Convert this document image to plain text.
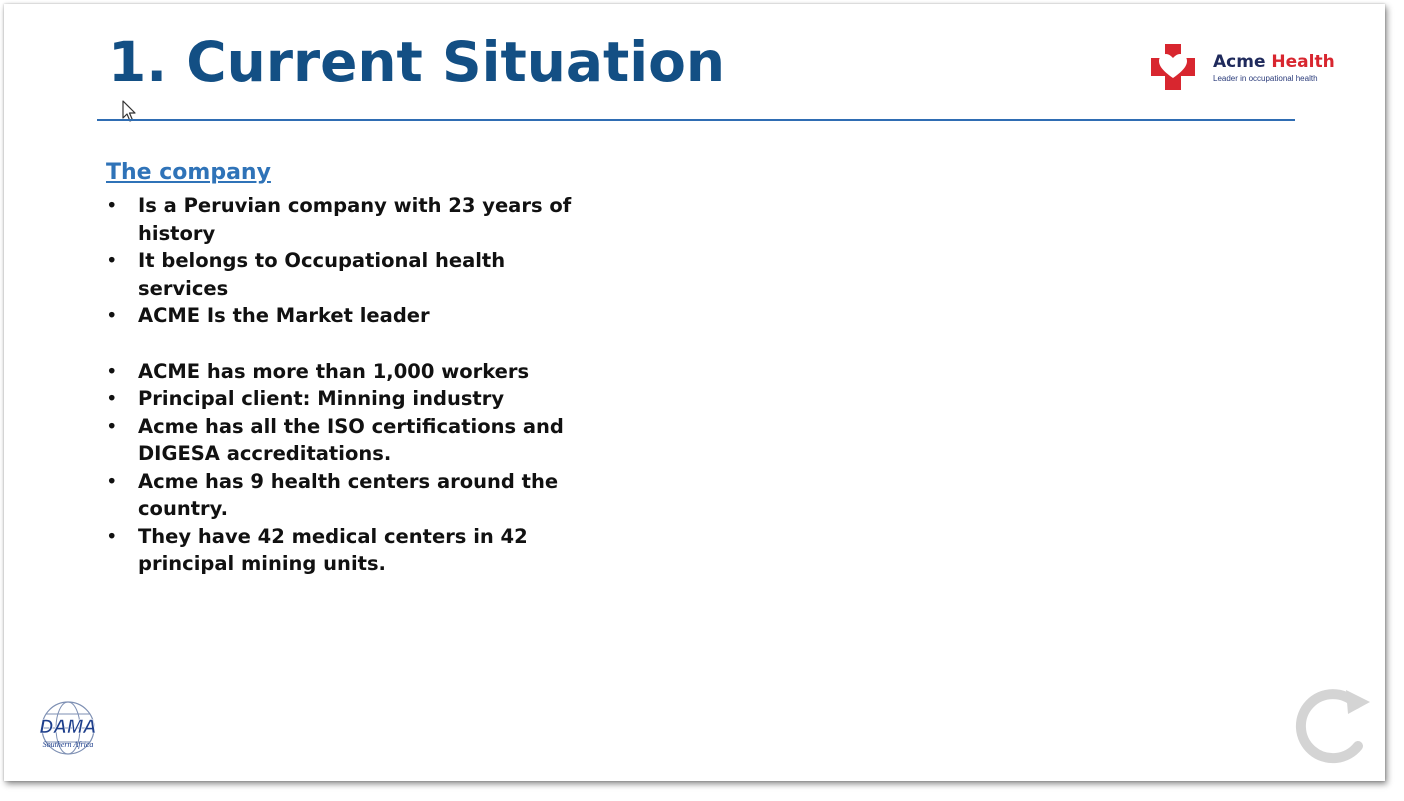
1. Current Situation	Acme Health
Leader in occupational health
The company
• Is a Peruvian company with 23 years of history
• It belongs to Occupational health services
• ACME Is the Market leader
• ACME has more than 1,000 workers
• Principal client: Minning industry
• Acme has all the ISO certifications and DIGESA accreditations.
• Acme has 9 health centers around the country.
• They have 42 medical centers in 42 principal mining units.
DAMA
Southern Africa
